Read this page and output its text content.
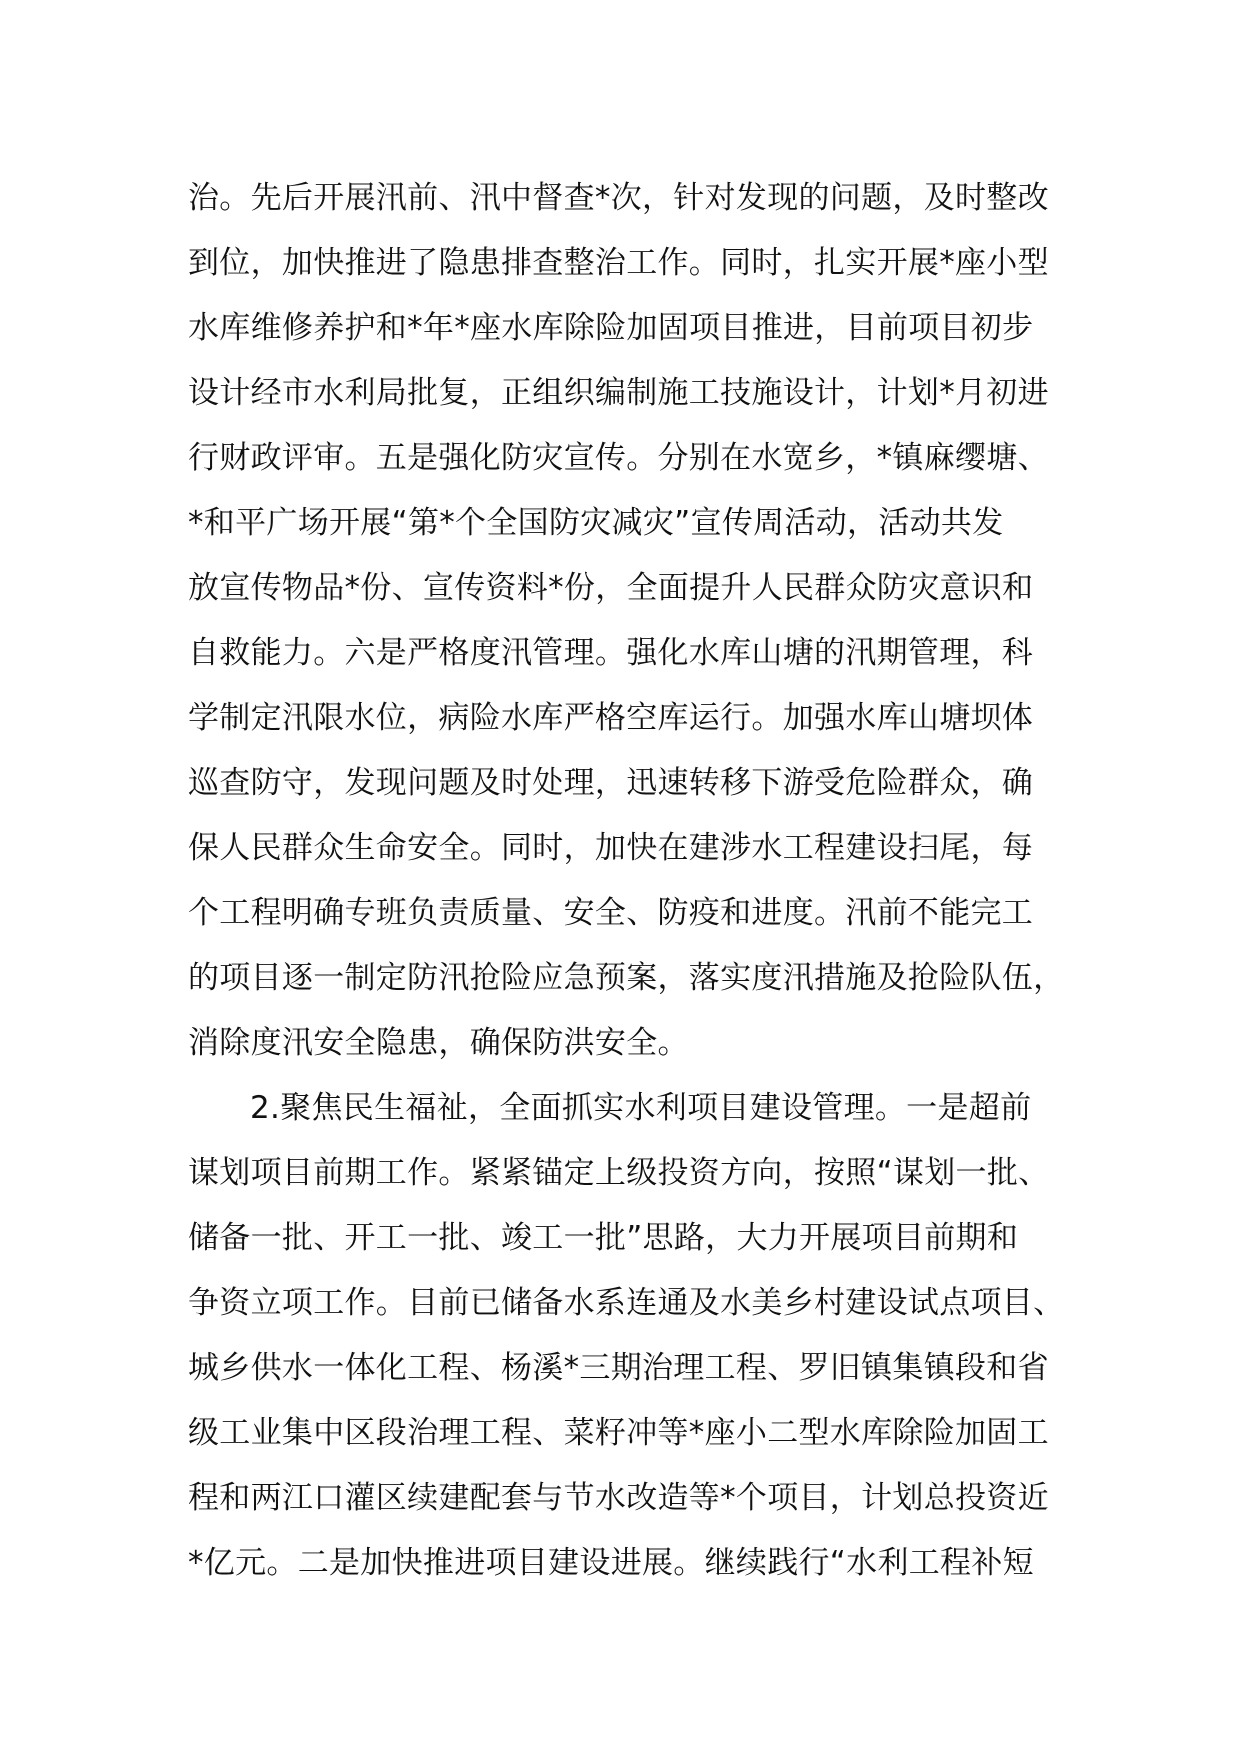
治。先后开展汛前、汛中督查*次，针对发现的问题，及时整改
到位，加快推进了隐患排查整治工作。同时，扎实开展*座小型
水库维修养护和*年*座水库除险加固项目推进，目前项目初步
设计经市水利局批复，正组织编制施工技施设计，计划*月初进
行财政评审。五是强化防灾宣传。分别在水宽乡，*镇麻缨塘、
*和平广场开展“第*个全国防灾减灾”宣传周活动，活动共发
放宣传物品*份、宣传资料*份，全面提升人民群众防灾意识和
自救能力。六是严格度汛管理。强化水库山塘的汛期管理，科
学制定汛限水位，病险水库严格空库运行。加强水库山塘坝体
巡查防守，发现问题及时处理，迅速转移下游受危险群众，确
保人民群众生命安全。同时，加快在建涉水工程建设扫尾，每
个工程明确专班负责质量、安全、防疫和进度。汛前不能完工
的项目逐一制定防汛抢险应急预案，落实度汛措施及抢险队伍，
消除度汛安全隐患，确保防洪安全。
2.聚焦民生福祉，全面抓实水利项目建设管理。一是超前
谋划项目前期工作。紧紧锚定上级投资方向，按照“谋划一批、
储备一批、开工一批、竣工一批”思路，大力开展项目前期和
争资立项工作。目前已储备水系连通及水美乡村建设试点项目、
城乡供水一体化工程、杨溪*三期治理工程、罗旧镇集镇段和省
级工业集中区段治理工程、菜籽冲等*座小二型水库除险加固工
程和两江口灌区续建配套与节水改造等*个项目，计划总投资近
*亿元。二是加快推进项目建设进展。继续践行“水利工程补短
